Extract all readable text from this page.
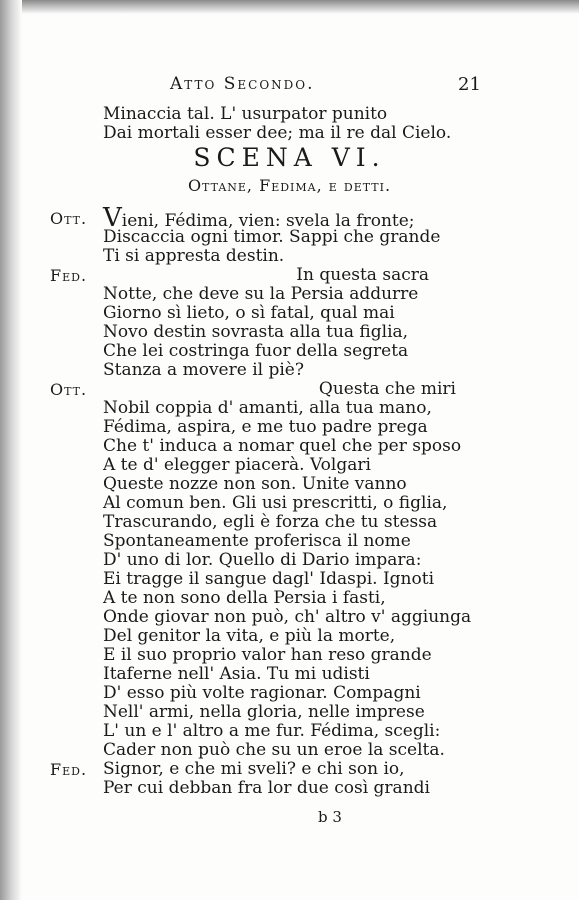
Atto Secondo.	21
Minaccia tal. L' usurpator punito
Dai mortali esser dee; ma il re dal Cielo.
SCENA VI.
Ottane, Fedima, e detti.
Ott. Vieni, Fédima, vien: svela la fronte;
Discaccia ogni timor. Sappi che grande
Ti si appresta destin.
Fed.	In questa sacra
Notte, che deve su la Persia addurre
Giorno sì lieto, o sì fatal, qual mai
Novo destin sovrasta alla tua figlia,
Che lei costringa fuor della segreta
Stanza a movere il piè?
Ott.	Questa che miri
Nobil coppia d' amanti, alla tua mano,
Fédima, aspira, e me tuo padre prega
Che t' induca a nomar quel che per sposo
A te d' elegger piacerà. Volgari
Queste nozze non son. Unite vanno
Al comun ben. Gli usi prescritti, o figlia,
Trascurando, egli è forza che tu stessa
Spontaneamente proferisca il nome
D' uno di lor. Quello di Dario impara:
Ei tragge il sangue dagl' Idaspi. Ignoti
A te non sono della Persia i fasti,
Onde giovar non può, ch' altro v' aggiunga
Del genitor la vita, e più la morte,
E il suo proprio valor han reso grande
Itaferne nell' Asia. Tu mi udisti
D' esso più volte ragionar. Compagni
Nell' armi, nella gloria, nelle imprese
L' un e l' altro a me fur. Fédima, scegli:
Cader non può che su un eroe la scelta.
Fed. Signor, e che mi sveli? e chi son io,
Per cui debban fra lor due così grandi
b 3
